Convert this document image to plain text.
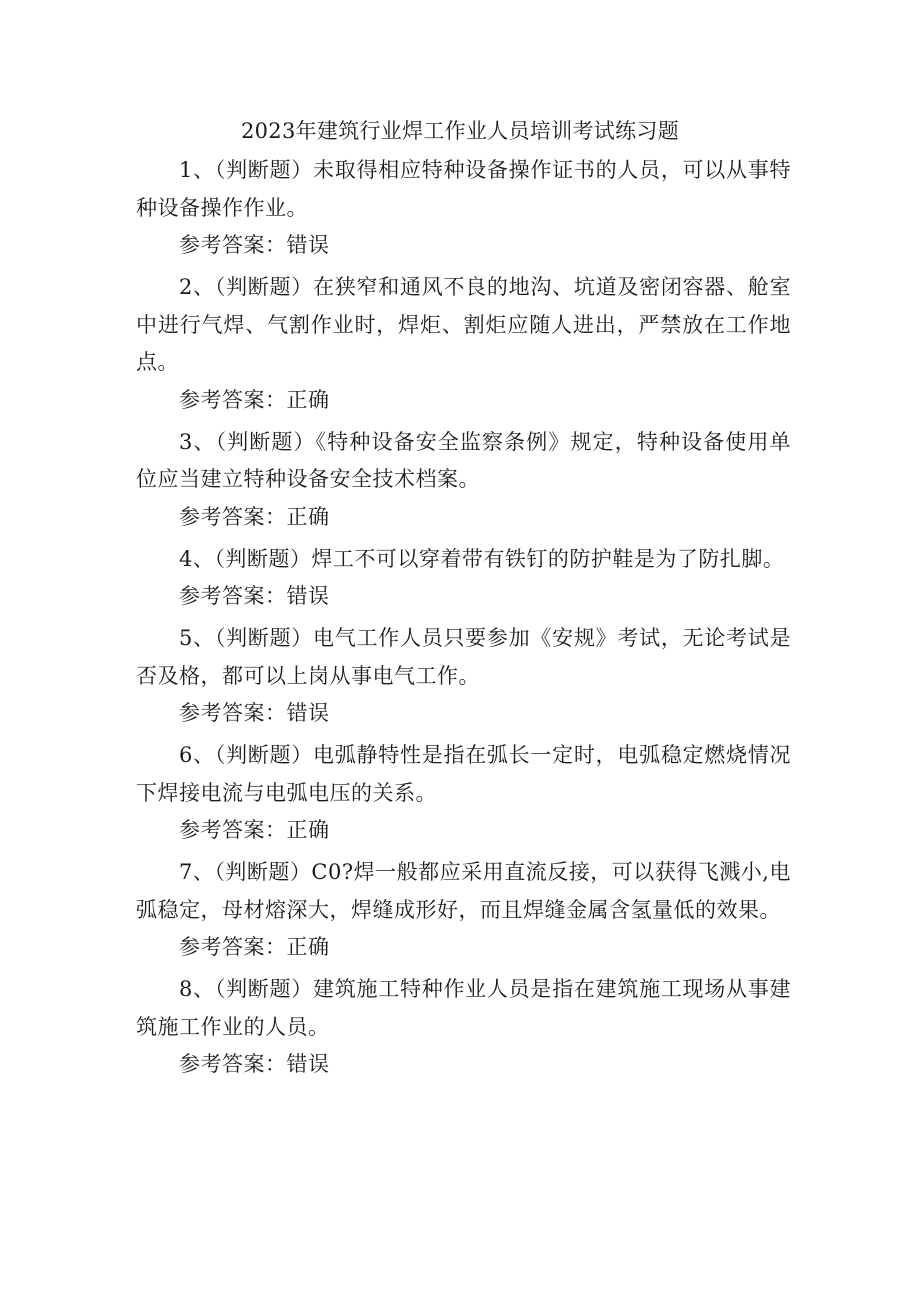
2023年建筑行业焊工作业人员培训考试练习题

1、（判断题）未取得相应特种设备操作证书的人员，可以从事特种设备操作作业。

参考答案：错误

2、（判断题）在狭窄和通风不良的地沟、坑道及密闭容器、舱室中进行气焊、气割作业时，焊炬、割炬应随人进出，严禁放在工作地点。

参考答案：正确

3、（判断题）《特种设备安全监察条例》规定，特种设备使用单位应当建立特种设备安全技术档案。

参考答案：正确

4、（判断题）焊工不可以穿着带有铁钉的防护鞋是为了防扎脚。

参考答案：错误

5、（判断题）电气工作人员只要参加《安规》考试，无论考试是否及格，都可以上岗从事电气工作。

参考答案：错误

6、（判断题）电弧静特性是指在弧长一定时，电弧稳定燃烧情况下焊接电流与电弧电压的关系。

参考答案：正确

7、（判断题）C0?焊一般都应采用直流反接，可以获得飞溅小,电弧稳定，母材熔深大，焊缝成形好，而且焊缝金属含氢量低的效果。

参考答案：正确

8、（判断题）建筑施工特种作业人员是指在建筑施工现场从事建筑施工作业的人员。

参考答案：错误
